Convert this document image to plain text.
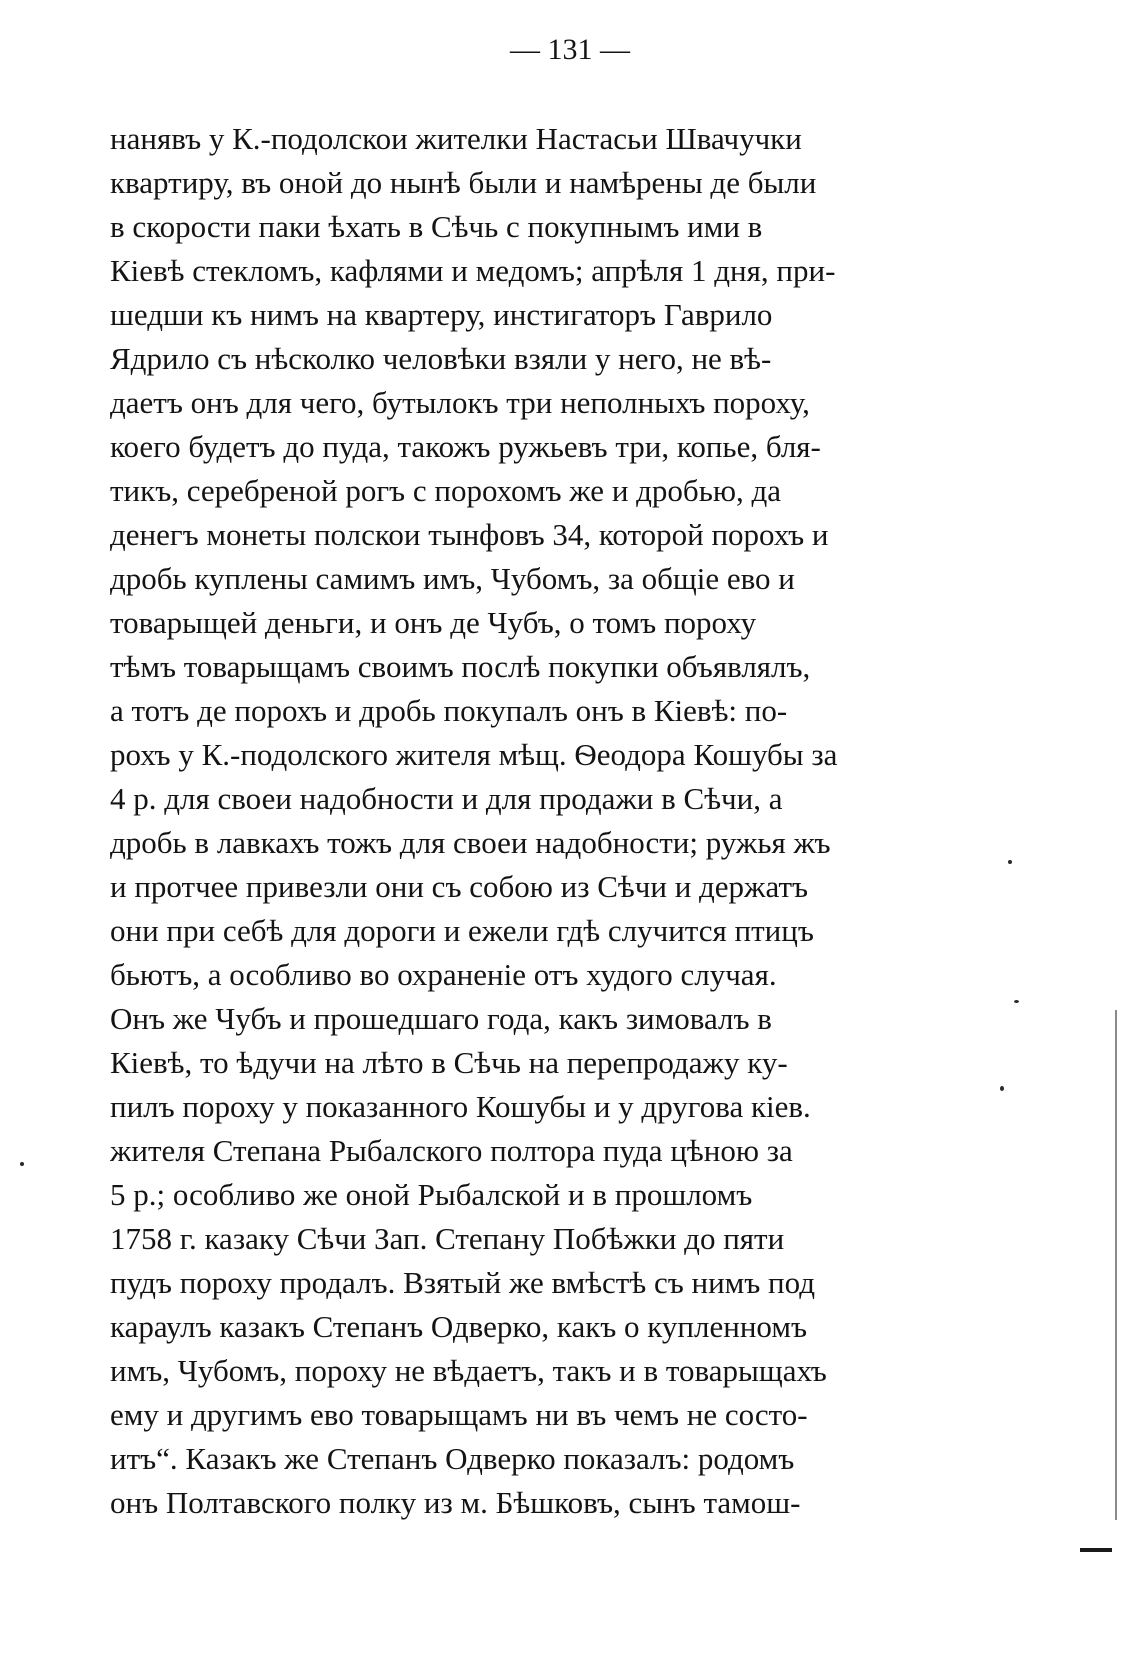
— 131 —
нанявъ у К.-подолскои жителки Настасьи Швачучки
квартиру, въ оной до нынѣ были и намѣрены де были
в скорости паки ѣхать в Сѣчь с покупнымъ ими в
Кіевѣ стекломъ, кафлями и медомъ; апрѣля 1 дня, при-
шедши къ нимъ на квартеру, инстигаторъ Гаврило
Ядрило съ нѣсколко человѣки взяли у него, не вѣ-
даетъ онъ для чего, бутылокъ три неполныхъ пороху,
коего будетъ до пуда, такожъ ружьевъ три, копье, бля-
тикъ, серебреной рогъ с порохомъ же и дробью, да
денегъ монеты полскои тынфовъ 34, которой порохъ и
дробь куплены самимъ имъ, Чубомъ, за общіе ево и
товарыщей деньги, и онъ де Чубъ, о томъ пороху
тѣмъ товарыщамъ своимъ послѣ покупки объявлялъ,
а тотъ де порохъ и дробь покупалъ онъ в Кіевѣ: по-
рохъ у К.-подолского жителя мѣщ. Ѳеодора Кошубы за
4 р. для своеи надобности и для продажи в Сѣчи, а
дробь в лавкахъ тожъ для своеи надобности; ружья жъ
и протчее привезли они съ собою из Сѣчи и держатъ
они при себѣ для дороги и ежели гдѣ случится птицъ
бьютъ, а особливо во охраненіе отъ худого случая.
Онъ же Чубъ и прошедшаго года, какъ зимовалъ в
Кіевѣ, то ѣдучи на лѣто в Сѣчь на перепродажу ку-
пилъ пороху у показанного Кошубы и у другова кіев.
жителя Степана Рыбалского полтора пуда цѣною за
5 р.; особливо же оной Рыбалской и в прошломъ
1758 г. казаку Сѣчи Зап. Степану Побѣжки до пяти
пудъ пороху продалъ. Взятый же вмѣстѣ съ нимъ под
караулъ казакъ Степанъ Одверко, какъ о купленномъ
имъ, Чубомъ, пороху не вѣдаетъ, такъ и в товарыщахъ
ему и другимъ ево товарыщамъ ни въ чемъ не состо-
итъ“. Казакъ же Степанъ Одверко показалъ: родомъ
онъ Полтавского полку из м. Бѣшковъ, сынъ тамош-
